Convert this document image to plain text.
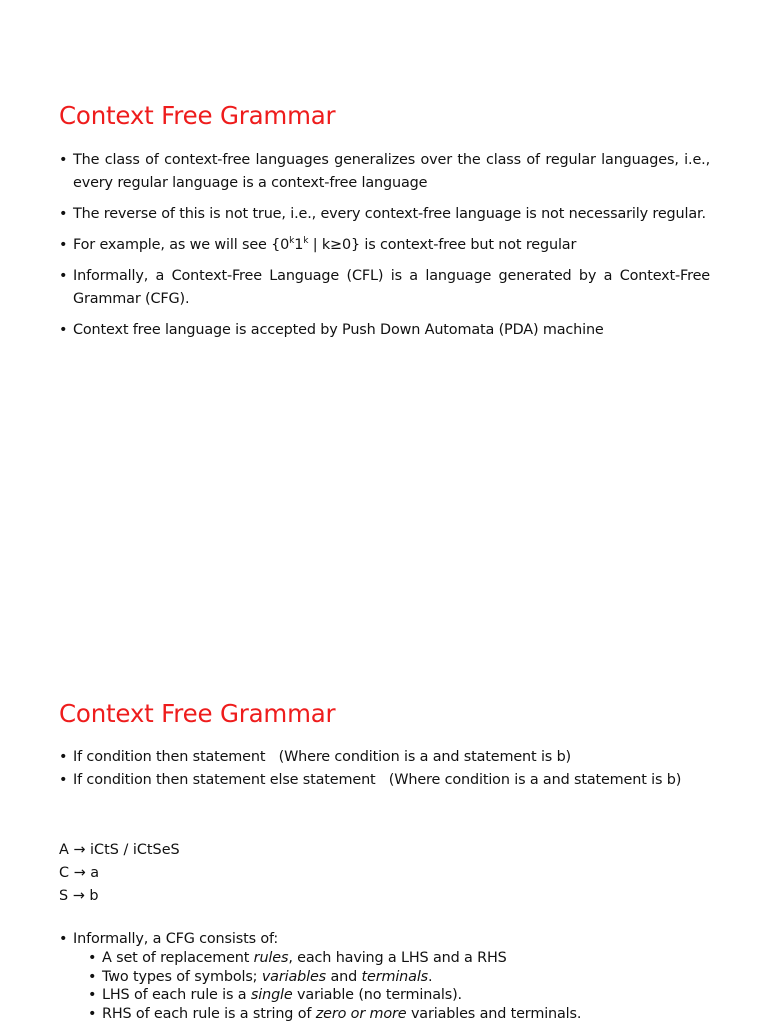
Context Free Grammar
• The class of context-free languages generalizes over the class of regular languages, i.e., every regular language is a context-free language
• The reverse of this is not true, i.e., every context-free language is not necessarily regular.
• For example, as we will see {0$^k$1$^k$ | k≥0} is context-free but not regular
• Informally, a Context-Free Language (CFL) is a language generated by a Context-Free Grammar (CFG).
• Context free language is accepted by Push Down Automata (PDA) machine
Context Free Grammar
• If condition then statement   (Where condition is a and statement is b)
• If condition then statement else statement   (Where condition is a and statement is b)
A → iCtS / iCtSeS
C → a
S → b
• Informally, a CFG consists of:
• A set of replacement rules, each having a LHS and a RHS
• Two types of symbols; variables and terminals.
• LHS of each rule is a single variable (no terminals).
• RHS of each rule is a string of zero or more variables and terminals.
